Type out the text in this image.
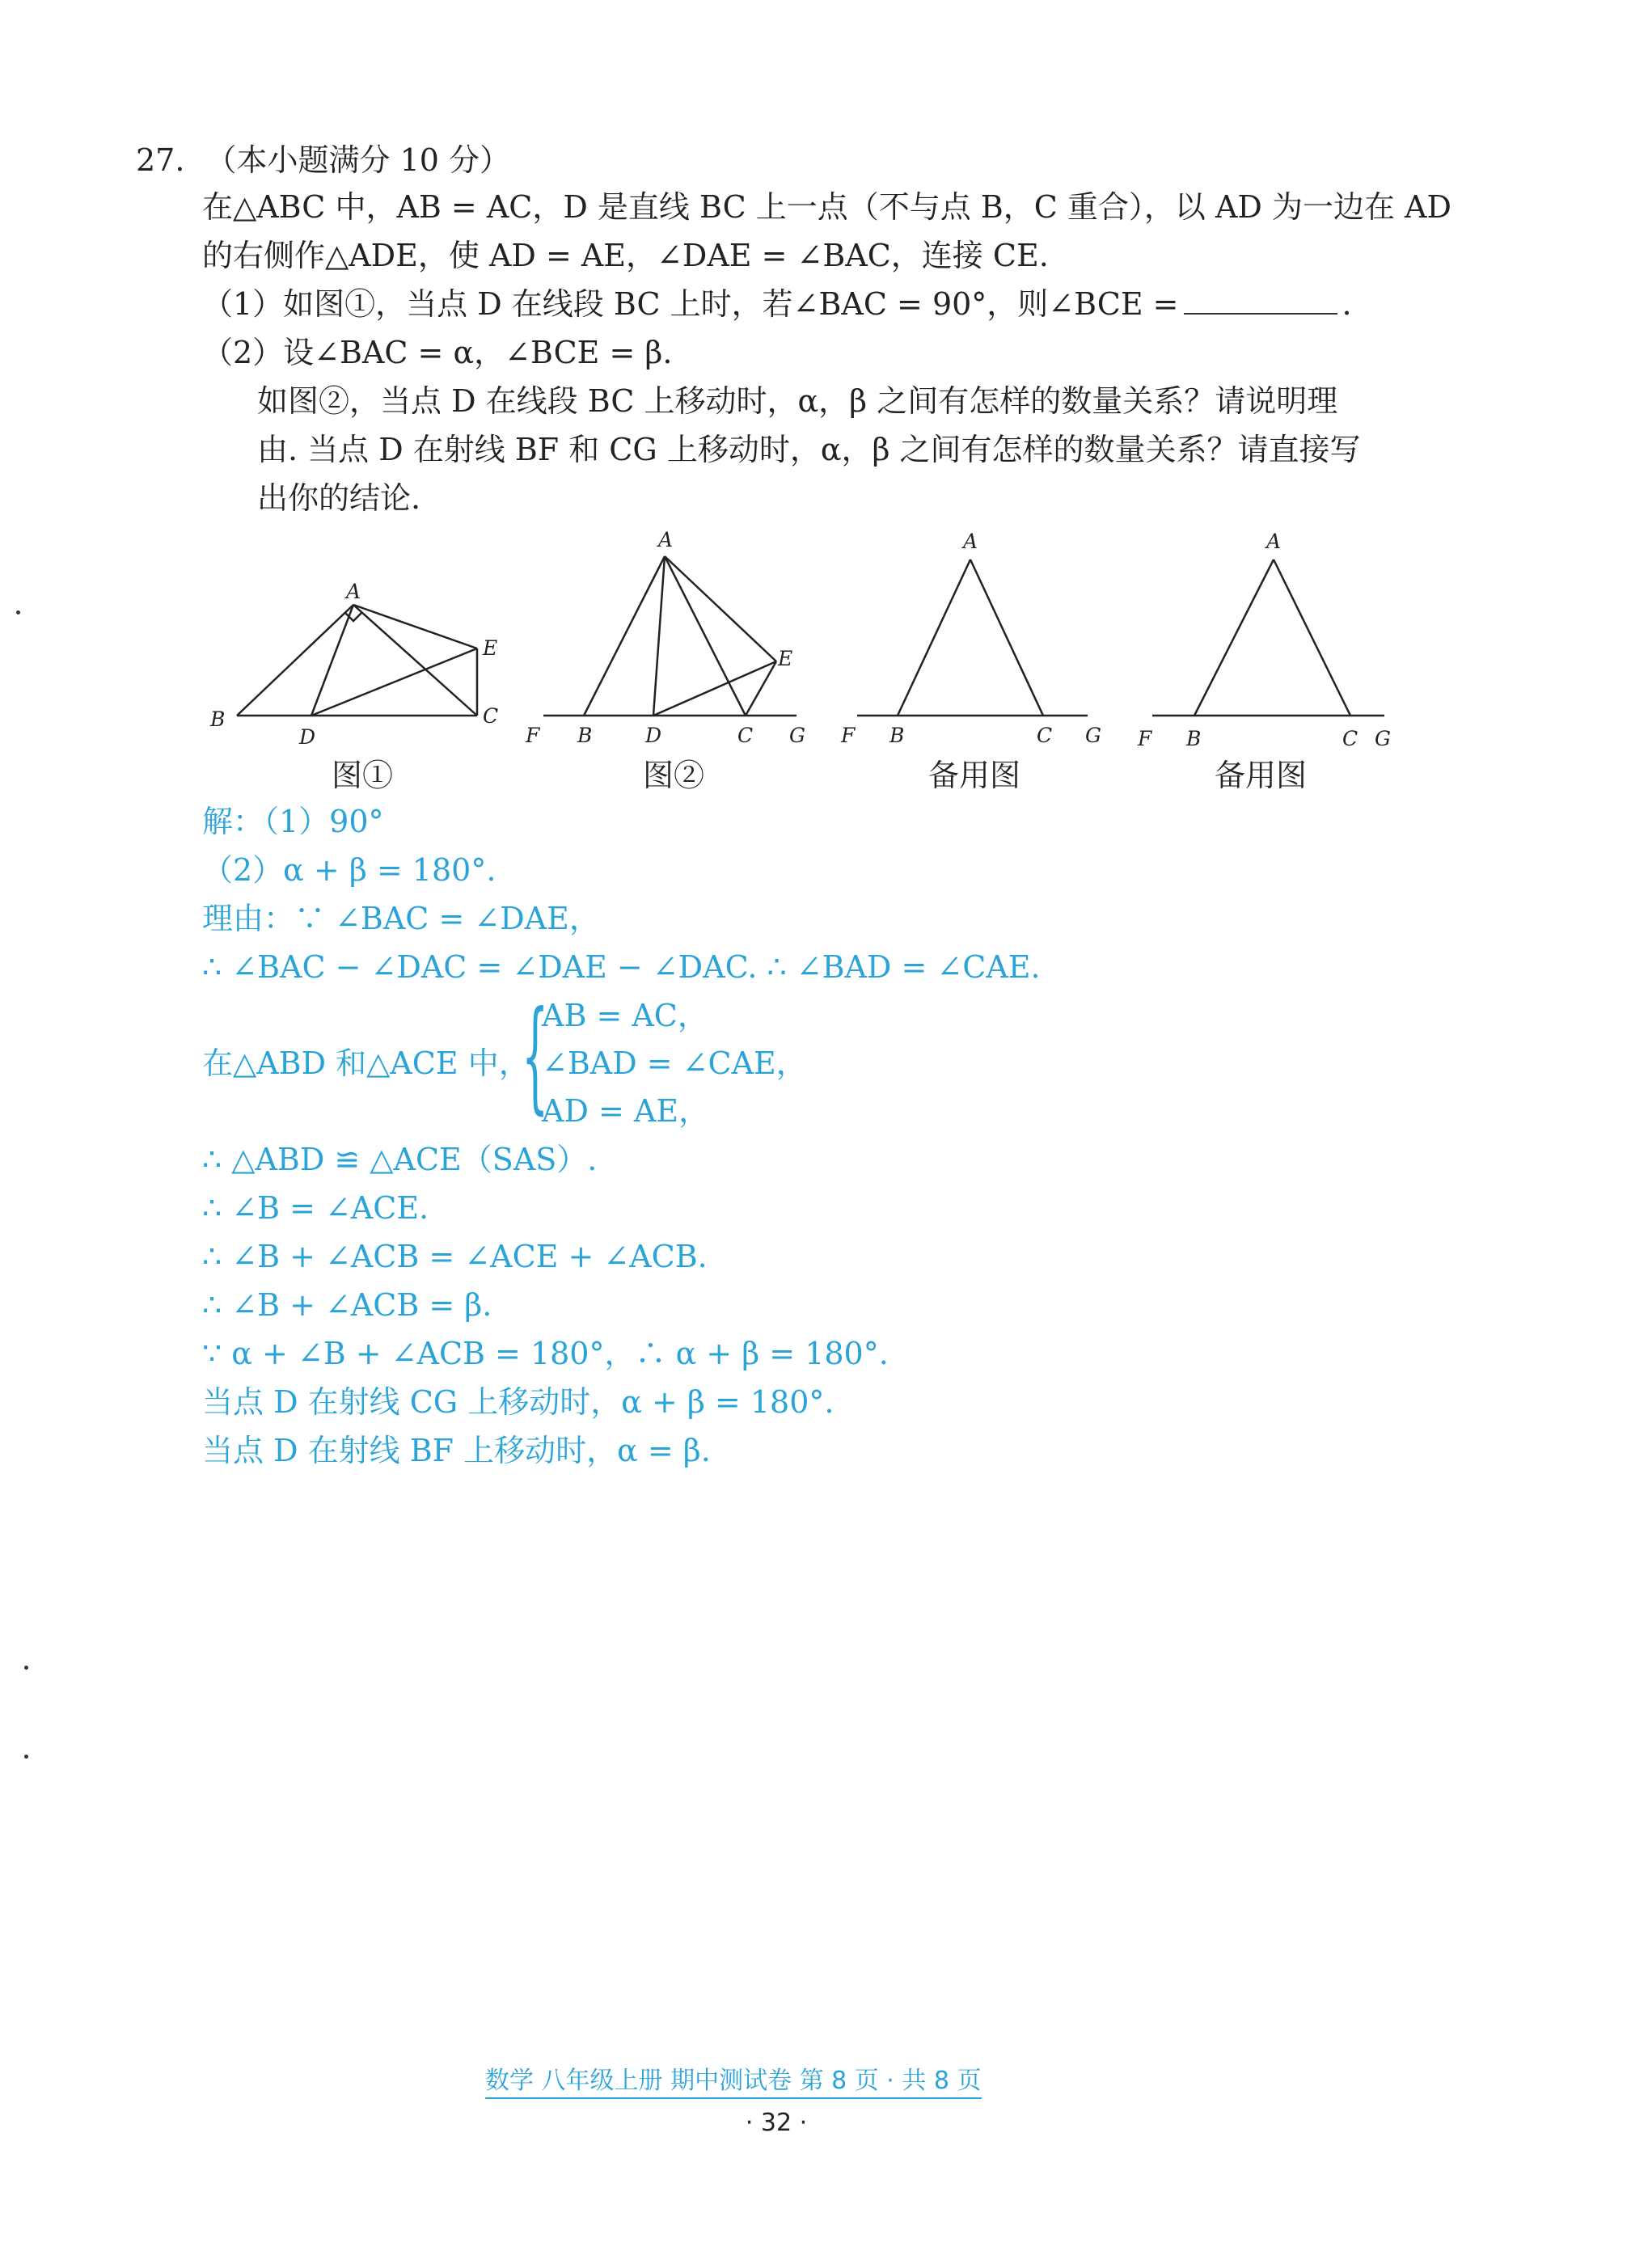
27. （本小题满分 10 分）
在△ABC 中，AB = AC，D 是直线 BC 上一点（不与点 B，C 重合），以 AD 为一边在 AD
的右侧作△ADE，使 AD = AE，∠DAE = ∠BAC，连接 CE.
（1）如图①，当点 D 在线段 BC 上时，若∠BAC = 90°，则∠BCE =	.
（2）设∠BAC = α，∠BCE = β.
如图②，当点 D 在线段 BC 上移动时，α，β 之间有怎样的数量关系？请说明理
由. 当点 D 在射线 BF 和 CG 上移动时，α，β 之间有怎样的数量关系？请直接写
出你的结论.
A
B	C
D
E
A
B	C
D
E
F	G
A
B	C
F	G
A
B	C
F	G
图①	图②	备用图	备用图
解：（1）90°
（2）α + β = 180°.
理由：∵ ∠BAC = ∠DAE，
∴ ∠BAC − ∠DAC = ∠DAE − ∠DAC. ∴ ∠BAD = ∠CAE.
在△ABD 和△ACE 中，
{
AB = AC，
∠BAD = ∠CAE，
AD = AE，
∴ △ABD ≌ △ACE（SAS）.
∴ ∠B = ∠ACE.
∴ ∠B + ∠ACB = ∠ACE + ∠ACB.
∴ ∠B + ∠ACB = β.
∵ α + ∠B + ∠ACB = 180°，∴ α + β = 180°.
当点 D 在射线 CG 上移动时，α + β = 180°.
当点 D 在射线 BF 上移动时，α = β.
数学 八年级上册 期中测试卷 第 8 页 · 共 8 页
· 32 ·
